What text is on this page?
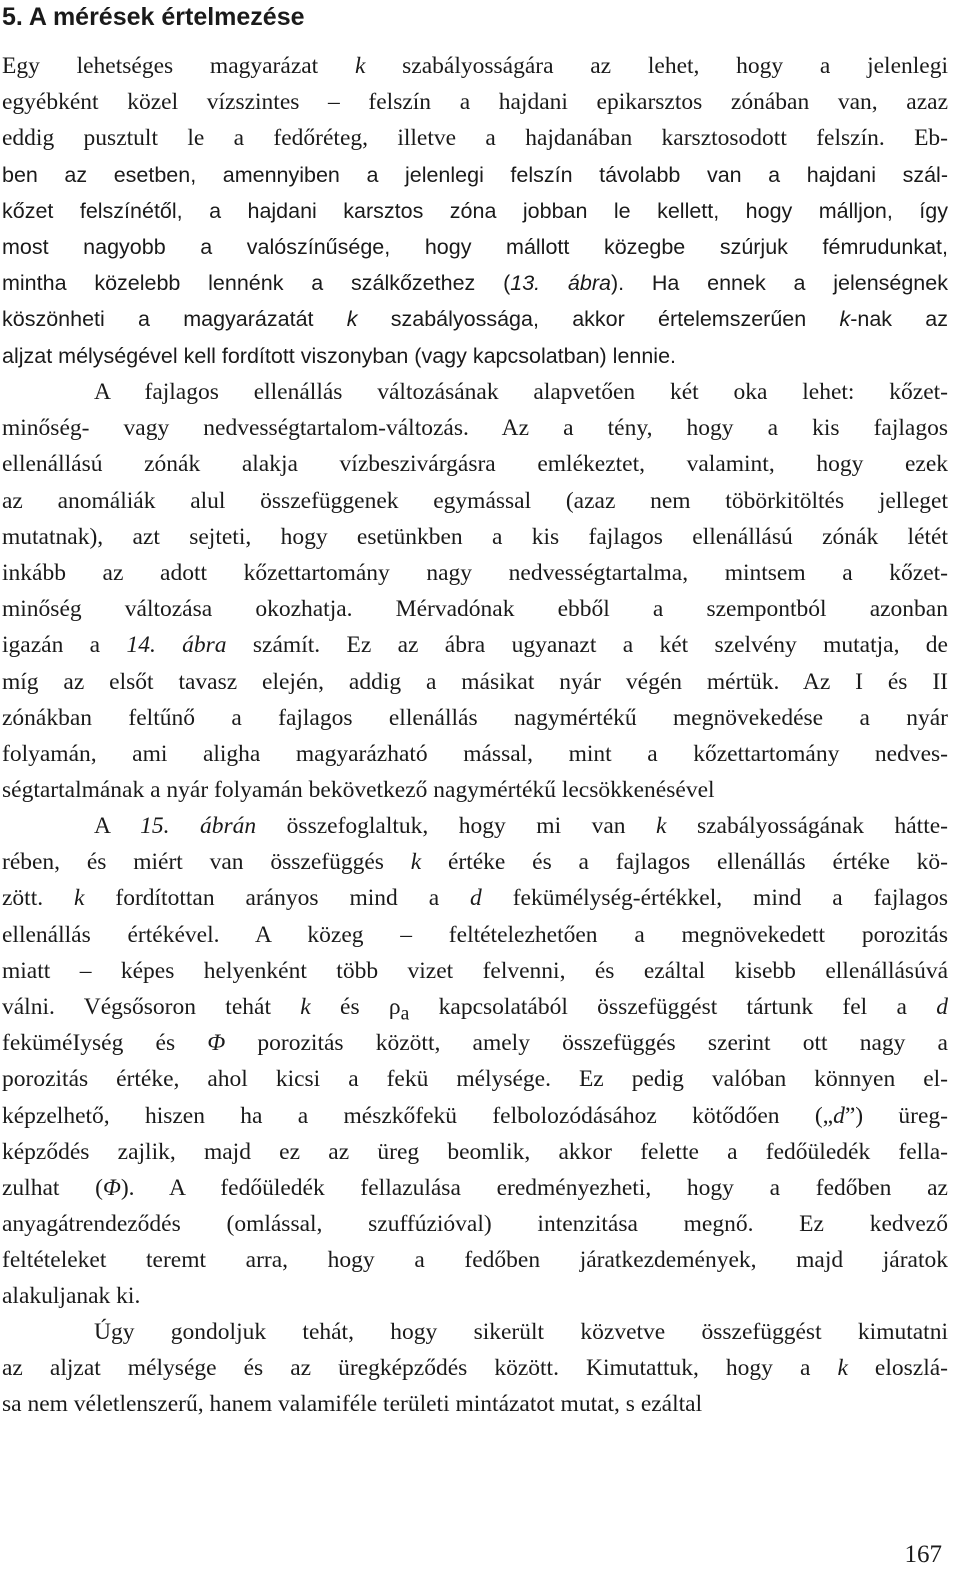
5. A mérések értelmezése
Egy lehetséges magyarázat k szabályosságára az lehet, hogy a jelenlegi
egyébként közel vízszintes – felszín a hajdani epikarsztos zónában van, azaz
eddig pusztult le a fedőréteg, illetve a hajdanában karsztosodott felszín. Eb-
ben az esetben, amennyiben a jelenlegi felszín távolabb van a hajdani szál-
kőzet felszínétől, a hajdani karsztos zóna jobban le kellett, hogy málljon, így
most nagyobb a valószínűsége, hogy mállott közegbe szúrjuk fémrudunkat,
mintha közelebb lennénk a szálkőzethez (13. ábra). Ha ennek a jelenségnek
köszönheti a magyarázatát k szabályossága, akkor értelemszerűen k-nak az
aljzat mélységével kell fordított viszonyban (vagy kapcsolatban) lennie.
A fajlagos ellenállás változásának alapvetően két oka lehet: kőzet-
minőség- vagy nedvességtartalom-változás. Az a tény, hogy a kis fajlagos
ellenállású zónák alakja vízbeszivárgásra emlékeztet, valamint, hogy ezek
az anomáliák alul összefüggenek egymással (azaz nem töbörkitöltés jelleget
mutatnak), azt sejteti, hogy esetünkben a kis fajlagos ellenállású zónák létét
inkább az adott kőzettartomány nagy nedvességtartalma, mintsem a kőzet-
minőség változása okozhatja. Mérvadónak ebből a szempontból azonban
igazán a 14. ábra számít. Ez az ábra ugyanazt a két szelvény mutatja, de
míg az elsőt tavasz elején, addig a másikat nyár végén mértük. Az I és II
zónákban feltűnő a fajlagos ellenállás nagymértékű megnövekedése a nyár
folyamán, ami aligha magyarázható mással, mint a kőzettartomány nedves-
ségtartalmának a nyár folyamán bekövetkező nagymértékű lecsökkenésével
A 15. ábrán összefoglaltuk, hogy mi van k szabályosságának hátte-
rében, és miért van összefüggés k értéke és a fajlagos ellenállás értéke kö-
zött. k fordítottan arányos mind a d fekümélység-értékkel, mind a fajlagos
ellenállás értékével. A közeg – feltételezhetően a megnövekedett porozitás
miatt – képes helyenként több vizet felvenni, és ezáltal kisebb ellenállásúvá
válni. Végsősoron tehát k és $\rho_a$ kapcsolatából összefüggést tártunk fel a d
feküméIység és Φ porozitás között, amely összefüggés szerint ott nagy a
porozitás értéke, ahol kicsi a fekü mélysége. Ez pedig valóban könnyen el-
képzelhető, hiszen ha a mészkőfekü felbolozódásához kötődően („d”) üreg-
képződés zajlik, majd ez az üreg beomlik, akkor felette a fedőüledék fella-
zulhat (Φ). A fedőüledék fellazulása eredményezheti, hogy a fedőben az
anyagátrendeződés (omlással, szuffúzióval) intenzitása megnő. Ez kedvező
feltételeket teremt arra, hogy a fedőben járatkezdemények, majd járatok
alakuljanak ki.
Úgy gondoljuk tehát, hogy sikerült közvetve összefüggést kimutatni
az aljzat mélysége és az üregképződés között. Kimutattuk, hogy a k eloszlá-
sa nem véletlenszerű, hanem valamiféle területi mintázatot mutat, s ezáltal
167
